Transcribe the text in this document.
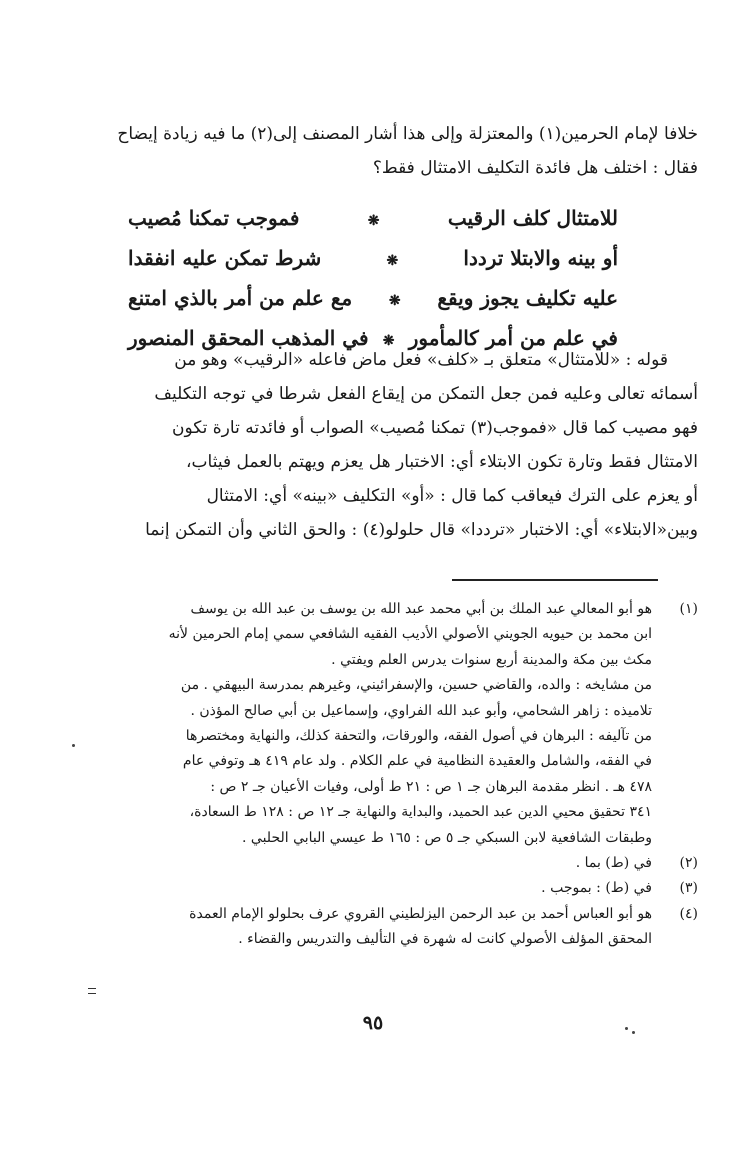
خلافا لإمام الحرمين(١) والمعتزلة وإلى هذا أشار المصنف إلى(٢) ما فيه زيادة إيضاح

فقال : اختلف هل فائدة التكليف الامتثال فقط؟

للامتثال كلف الرقيب
❋
فموجب تمكنا مُصيب
أو بينه والابتلا ترددا
❋
شرط تمكن عليه انفقدا
عليه تكليف يجوز ويقع
❋
مع علم من أمر بالذي امتنع
في علم من أمر كالمأمور
❋
في المذهب المحقق المنصور

قوله : «للامتثال» متعلق بـ «كلف» فعل ماض فاعله «الرقيب» وهو من

أسمائه تعالى وعليه فمن جعل التمكن من إيقاع الفعل شرطا في توجه التكليف

فهو مصيب كما قال «فموجب(٣) تمكنا مُصيب» الصواب أو فائدته تارة تكون

الامتثال فقط وتارة تكون الابتلاء أي: الاختبار هل يعزم ويهتم بالعمل فيثاب،

أو يعزم على الترك فيعاقب كما قال : «أو» التكليف «بينه» أي: الامتثال

وبين«الابتلاء» أي: الاختبار «ترددا» قال حلولو(٤) : والحق الثاني وأن التمكن إنما

(١)

هو أبو المعالي عبد الملك بن أبي محمد عبد الله بن يوسف بن عبد الله بن يوسف

ابن محمد بن حيويه الجويني الأصولي الأديب الفقيه الشافعي سمي إمام الحرمين لأنه

مكث بين مكة والمدينة أربع سنوات يدرس العلم ويفتي .

من مشايخه : والده، والقاضي حسين، والإسفرائيني، وغيرهم بمدرسة البيهقي . من

تلاميذه : زاهر الشحامي، وأبو عبد الله الفراوي، وإسماعيل بن أبي صالح المؤذن .

من تآليفه : البرهان في أصول الفقه، والورقات، والتحفة كذلك، والنهاية ومختصرها

في الفقه، والشامل والعقيدة النظامية في علم الكلام . ولد عام ٤١٩ هـ وتوفي عام

٤٧٨ هـ . انظر مقدمة البرهان جـ ١ ص : ٢١ ط أولى، وفيات الأعيان جـ ٢ ص :

٣٤١ تحقيق محيي الدين عبد الحميد، والبداية والنهاية جـ ١٢ ص : ١٢٨ ط السعادة،

وطبقات الشافعية لابن السبكي جـ ٥ ص : ١٦٥ ط عيسي البابي الحلبي .

(٢)

في (ط) بما .

(٣)

في (ط) : بموجب .

(٤)

هو أبو العباس أحمد بن عبد الرحمن اليزلطيني القروي عرف بحلولو الإمام العمدة

المحقق المؤلف الأصولي كانت له شهرة في التأليف والتدريس والقضاء .

٩٥
